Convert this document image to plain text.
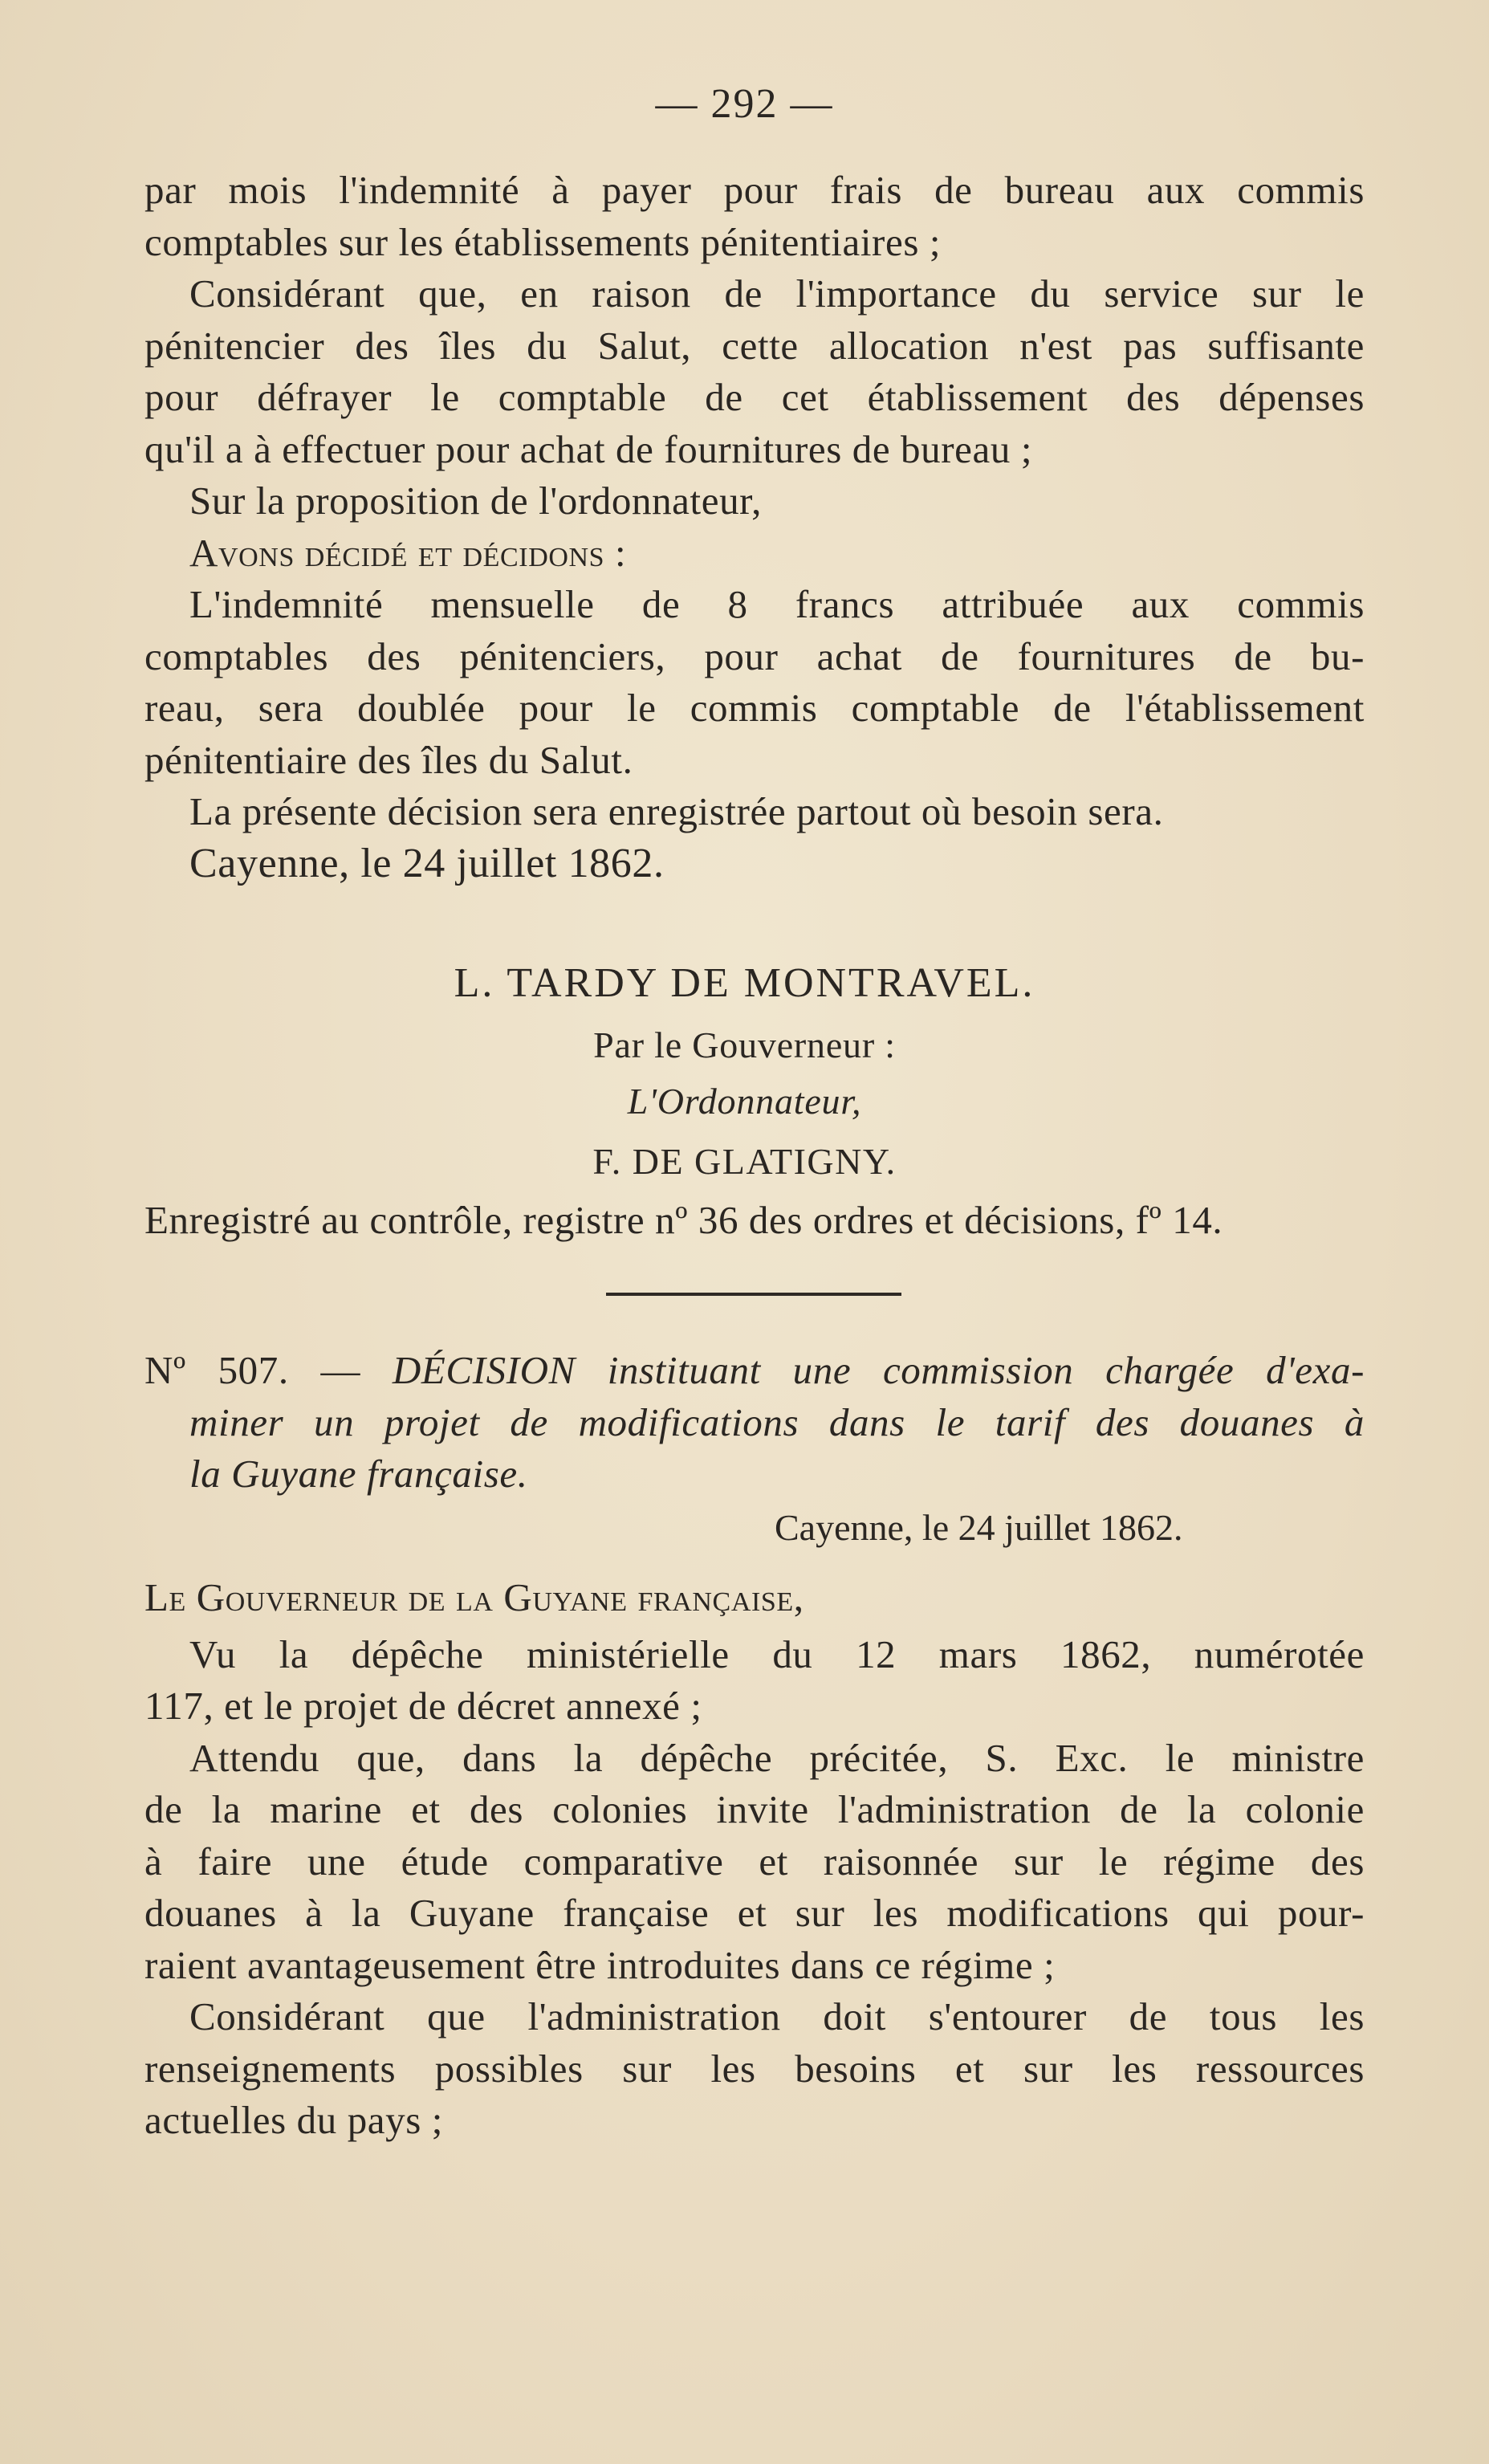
— 292 —
par mois l'indemnité à payer pour frais de bureau aux commis
comptables sur les établissements pénitentiaires ;
Considérant que, en raison de l'importance du service sur le
pénitencier des îles du Salut, cette allocation n'est pas suffisante
pour défrayer le comptable de cet établissement des dépenses
qu'il a à effectuer pour achat de fournitures de bureau ;
Sur la proposition de l'ordonnateur,
Avons décidé et décidons :
L'indemnité mensuelle de 8 francs attribuée aux commis
comptables des pénitenciers, pour achat de fournitures de bu-
reau, sera doublée pour le commis comptable de l'établissement
pénitentiaire des îles du Salut.
La présente décision sera enregistrée partout où besoin sera.
Cayenne, le 24 juillet 1862.
L. TARDY DE MONTRAVEL.
Par le Gouverneur :
L'Ordonnateur,
F. DE GLATIGNY.
Enregistré au contrôle, registre nº 36 des ordres et décisions, fº 14.
Nº 507. — DÉCISION instituant une commission chargée d'exa-
miner un projet de modifications dans le tarif des douanes à
la Guyane française.
Cayenne, le 24 juillet 1862.
Le Gouverneur de la Guyane française,
Vu la dépêche ministérielle du 12 mars 1862, numérotée
117, et le projet de décret annexé ;
Attendu que, dans la dépêche précitée, S. Exc. le ministre
de la marine et des colonies invite l'administration de la colonie
à faire une étude comparative et raisonnée sur le régime des
douanes à la Guyane française et sur les modifications qui pour-
raient avantageusement être introduites dans ce régime ;
Considérant que l'administration doit s'entourer de tous les
renseignements possibles sur les besoins et sur les ressources
actuelles du pays ;
